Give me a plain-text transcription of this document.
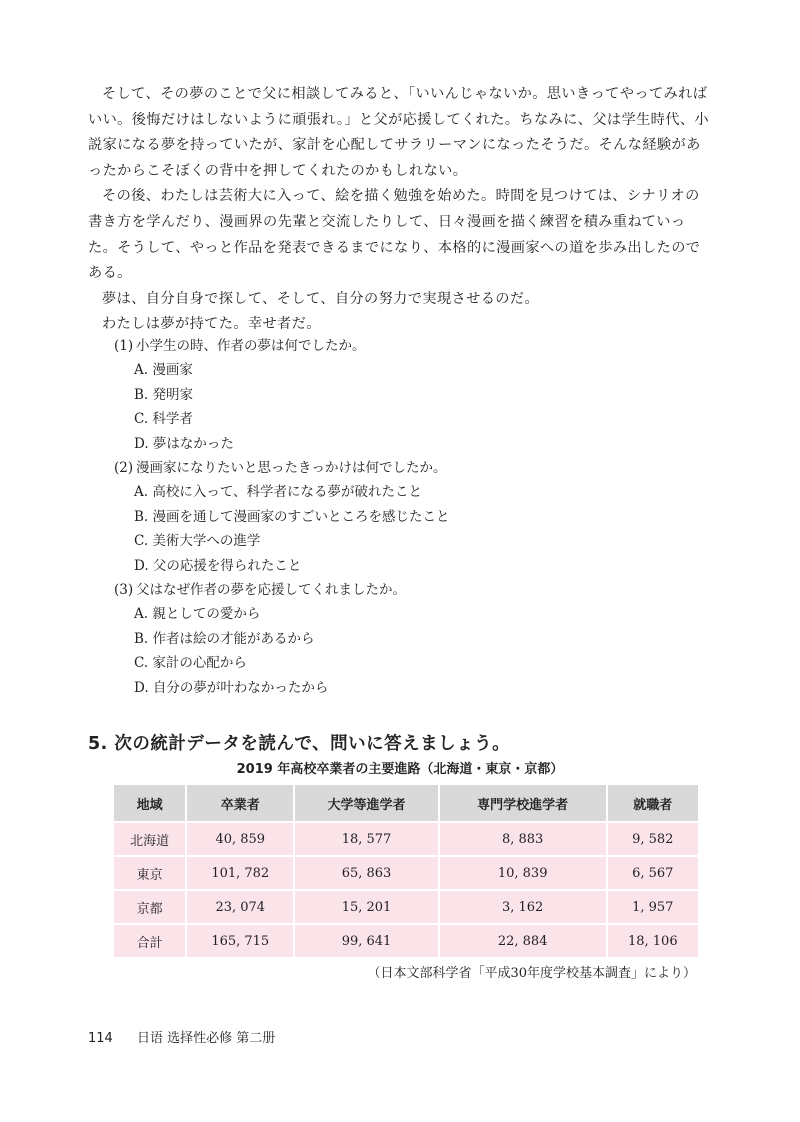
そして、その夢のことで父に相談してみると、「いいんじゃないか。思いきってやってみればいい。後悔だけはしないように頑張れ。」と父が応援してくれた。ちなみに、父は学生時代、小説家になる夢を持っていたが、家計を心配してサラリーマンになったそうだ。そんな経験があったからこそぼくの背中を押してくれたのかもしれない。

その後、わたしは芸術大に入って、絵を描く勉強を始めた。時間を見つけては、シナリオの書き方を学んだり、漫画界の先輩と交流したりして、日々漫画を描く練習を積み重ねていった。そうして、やっと作品を発表できるまでになり、本格的に漫画家への道を歩み出したのである。

夢は、自分自身で探して、そして、自分の努力で実現させるのだ。

わたしは夢が持てた。幸せ者だ。

(1) 小学生の時、作者の夢は何でしたか。

A. 漫画家

B. 発明家

C. 科学者

D. 夢はなかった

(2) 漫画家になりたいと思ったきっかけは何でしたか。

A. 高校に入って、科学者になる夢が破れたこと

B. 漫画を通して漫画家のすごいところを感じたこと

C. 美術大学への進学

D. 父の応援を得られたこと

(3) 父はなぜ作者の夢を応援してくれましたか。

A. 親としての愛から

B. 作者は絵の才能があるから

C. 家計の心配から

D. 自分の夢が叶わなかったから

5. 次の統計データを読んで、問いに答えましょう。
2019 年高校卒業者の主要進路（北海道・東京・京都）
地域	卒業者	大学等進学者	専門学校進学者	就職者
北海道	40, 859	18, 577	8, 883	9, 582
東京	101, 782	65, 863	10, 839	6, 567
京都	23, 074	15, 201	3, 162	1, 957
合計	165, 715	99, 641	22, 884	18, 106
（日本文部科学省「平成30年度学校基本調査」により）
114 日语 选择性必修 第二册
